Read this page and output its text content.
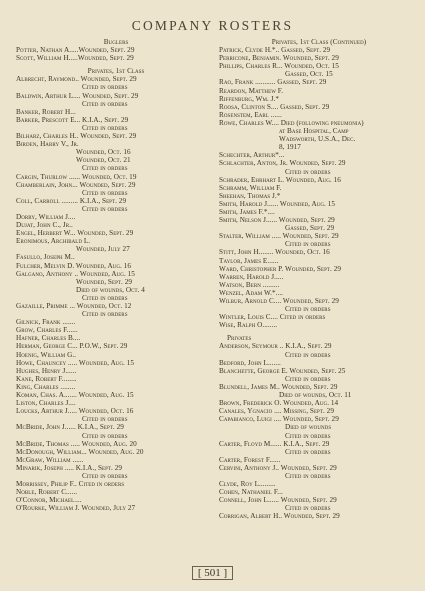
COMPANY ROSTERS
Buglers
Potter, Nathan A.....Wounded, Sept. 29
Scott, William H.....Wounded, Sept. 29
Privates, 1st Class
Albrecht, Raymond.. Wounded, Sept. 29
Cited in orders
Baldwin, Arthur L.... Wounded, Sept. 29
Cited in orders
Banker, Robert H...
Barker, Prescott E... K.I.A., Sept. 29
Cited in orders
Bilharz, Charles H.. Wounded, Sept. 29
Birden, Harry V., Jr.
Wounded, Oct. 16
Wounded, Oct. 21
Cited in orders
Cargin, Thurlow ...... Wounded, Oct. 19
Chamberlain, John... Wounded, Sept. 29
Cited in orders
Coll, Carroll ......... K.I.A., Sept. 29
Cited in orders
Dorry, William J....
Dujat, John C., Jr..
Engel, Herbert W... Wounded, Sept. 29
Eronimous, Archibald L.
Wounded, July 27
Fasullo, Joseph M..
Fulcher, Melvin D. Wounded, Aug. 16
Galgano, Anthony .. Wounded, Aug. 15
Wounded, Sept. 29
Died of wounds, Oct. 4
Cited in orders
Gazaille, Primme ... Wounded, Oct. 12
Cited in orders
Gilnick, Frank .......
Grow, Charles F......
Hafner, Charles B....
Herman, George C... P.O.W., Sept. 29
Hoenig, William G..
Howe, Chauncey ..... Wounded, Aug. 15
Hughes, Henry J......
Kane, Robert F........
King, Charles ........
Koman, Chas. A....... Wounded, Aug. 15
Liston, Charles J....
Loucks, Arthur J..... Wounded, Oct. 16
Cited in orders
McBride, John J...... K.I.A., Sept. 29
Cited in orders
McBride, Thomas ..... Wounded, Aug. 20
McDonough, William... Wounded, Aug. 20
McGraw, William ......
Minarik, Joseph ..... K.I.A., Sept. 29
Cited in orders
Morrissey, Philip F.. Cited in orders
Noble, Robert C......
O'Connor, Michael....
O'Rourke, William J. Wounded, July 27
Privates, 1st Class (Continued)
Patrick, Clyde H.*.. Gassed, Sept. 29
Perricone, Benjamin. Wounded, Sept. 29
Phillips, Charles R... Wounded, Oct. 15
Gassed, Oct. 15
Rao, Frank ........... Gassed, Sept. 29
Reardon, Matthew F.
Riffenburg, Wm. J.*
Roosa, Clinton S.... Gassed, Sept. 29
Rosenstem, Earl ......
Rowe, Charles W.... Died (following pneumonia)
at Base Hospital, Camp
Wadsworth, U.S.A., Dec.
8, 1917
Schechter, Arthur*...
Schlachter, Anton, Jr. Wounded, Sept. 29
Cited in orders
Schrader, Ehrhart L. Wounded, Aug. 16
Schramm, William F.
Sheehan, Thomas J.*
Smith, Harold J...... Wounded, Aug. 15
Smith, James F.*....
Smith, Nelson J...... Wounded, Sept. 29
Gassed, Sept. 29
Stalter, William ..... Wounded, Sept. 29
Cited in orders
Stitt, John H........ Wounded, Oct. 16
Taylor, James E......
Ward, Christopher P. Wounded, Sept. 29
Warren, Harold J.....
Watson, Bern .........
Wenzel, Adam W.*....
Wilbur, Arnold C.... Wounded, Sept. 29
Cited in orders
Wintler, Louis C.... Cited in orders
Wise, Ralph O........
Privates
Anderson, Seymour .. K.I.A., Sept. 29
Cited in orders
Bedford, John L.......
Blanchette, George E. Wounded, Sept. 25
Cited in orders
Blundell, James M.. Wounded, Sept. 29
Died of wounds, Oct. 11
Brown, Frederick O. Wounded, Aug. 14
Canales, Ygnacio .... Missing, Sept. 29
Capabianco, Luigi .... Wounded, Sept. 29
Died of wounds
Cited in orders
Carter, Floyd M...... K.I.A., Sept. 29
Cited in orders
Carter, Forest F......
Cervini, Anthony J.. Wounded, Sept. 29
Cited in orders
Clyde, Roy L.........
Cohen, Nathaniel F...
Connell, John L...... Wounded, Sept. 29
Cited in orders
Corrigan, Albert H.. Wounded, Sept. 29
[ 501 ]
